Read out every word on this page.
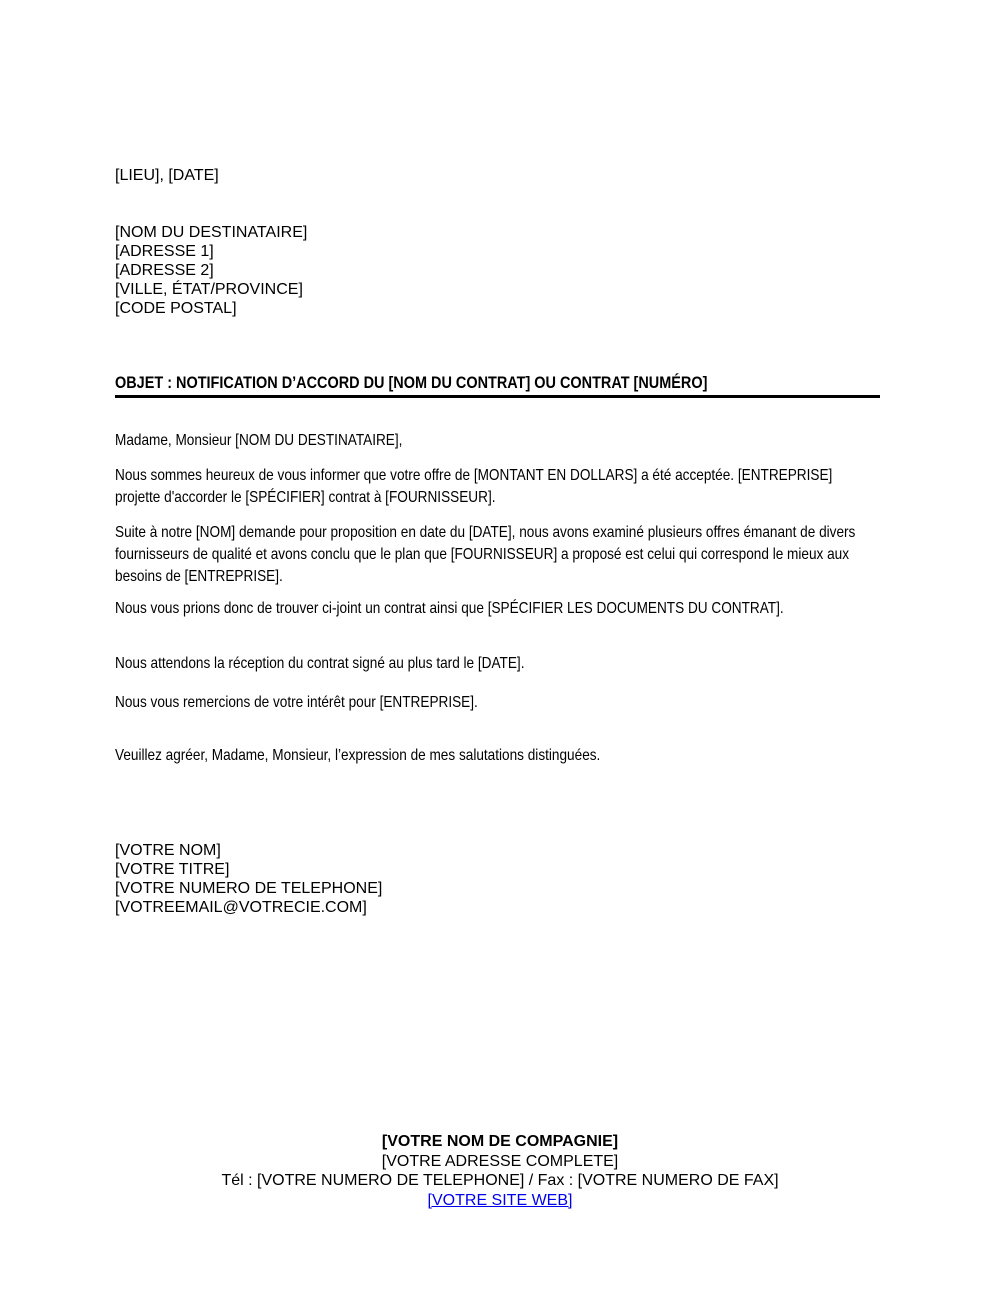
[LIEU], [DATE]
[NOM DU DESTINATAIRE]
[ADRESSE 1]
[ADRESSE 2]
[VILLE, ÉTAT/PROVINCE]
[CODE POSTAL]
OBJET : NOTIFICATION D’ACCORD DU [NOM DU CONTRAT] OU CONTRAT [NUMÉRO]
Madame, Monsieur [NOM DU DESTINATAIRE],
Nous sommes heureux de vous informer que votre offre de [MONTANT EN DOLLARS] a été acceptée. [ENTREPRISE] projette d'accorder le [SPÉCIFIER] contrat à [FOURNISSEUR].
Suite à notre [NOM] demande pour proposition en date du [DATE], nous avons examiné plusieurs offres émanant de divers fournisseurs de qualité et avons conclu que le plan que [FOURNISSEUR] a proposé est celui qui correspond le mieux aux besoins de [ENTREPRISE].
Nous vous prions donc de trouver ci-joint un contrat ainsi que [SPÉCIFIER LES DOCUMENTS DU CONTRAT].
Nous attendons la réception du contrat signé au plus tard le [DATE].
Nous vous remercions de votre intérêt pour [ENTREPRISE].
Veuillez agréer, Madame, Monsieur, l’expression de mes salutations distinguées.
[VOTRE NOM]
[VOTRE TITRE]
[VOTRE NUMERO DE TELEPHONE]
[VOTREEMAIL@VOTRECIE.COM]
[VOTRE NOM DE COMPAGNIE]
[VOTRE ADRESSE COMPLETE]
Tél : [VOTRE NUMERO DE TELEPHONE] / Fax : [VOTRE NUMERO DE FAX]
[VOTRE SITE WEB]
